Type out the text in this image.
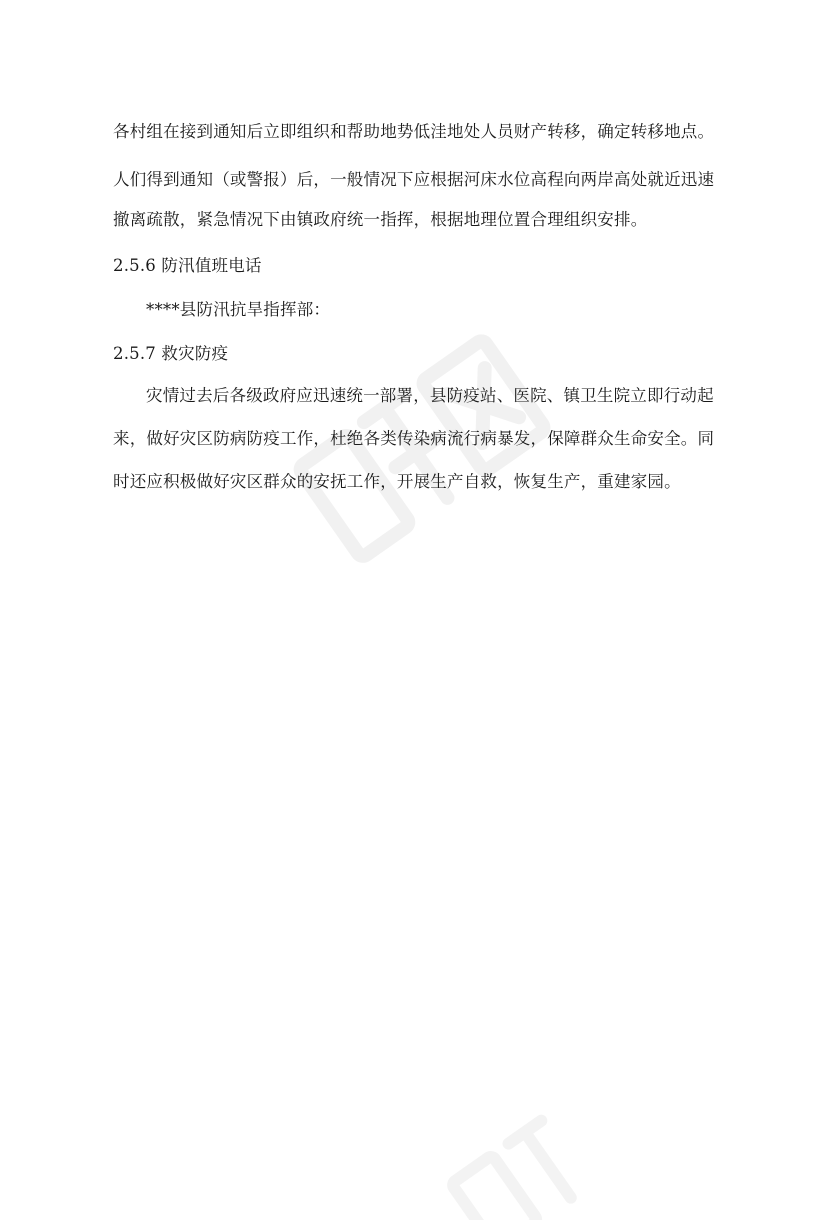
各村组在接到通知后立即组织和帮助地势低洼地处人员财产转移，确定转移地点。
人们得到通知（或警报）后，一般情况下应根据河床水位高程向两岸高处就近迅速
撤离疏散，紧急情况下由镇政府统一指挥，根据地理位置合理组织安排。
2.5.6 防汛值班电话
****县防汛抗旱指挥部：
2.5.7 救灾防疫
灾情过去后各级政府应迅速统一部署，县防疫站、医院、镇卫生院立即行动起
来，做好灾区防病防疫工作，杜绝各类传染病流行病暴发，保障群众生命安全。同
时还应积极做好灾区群众的安抚工作，开展生产自救，恢复生产，重建家园。
